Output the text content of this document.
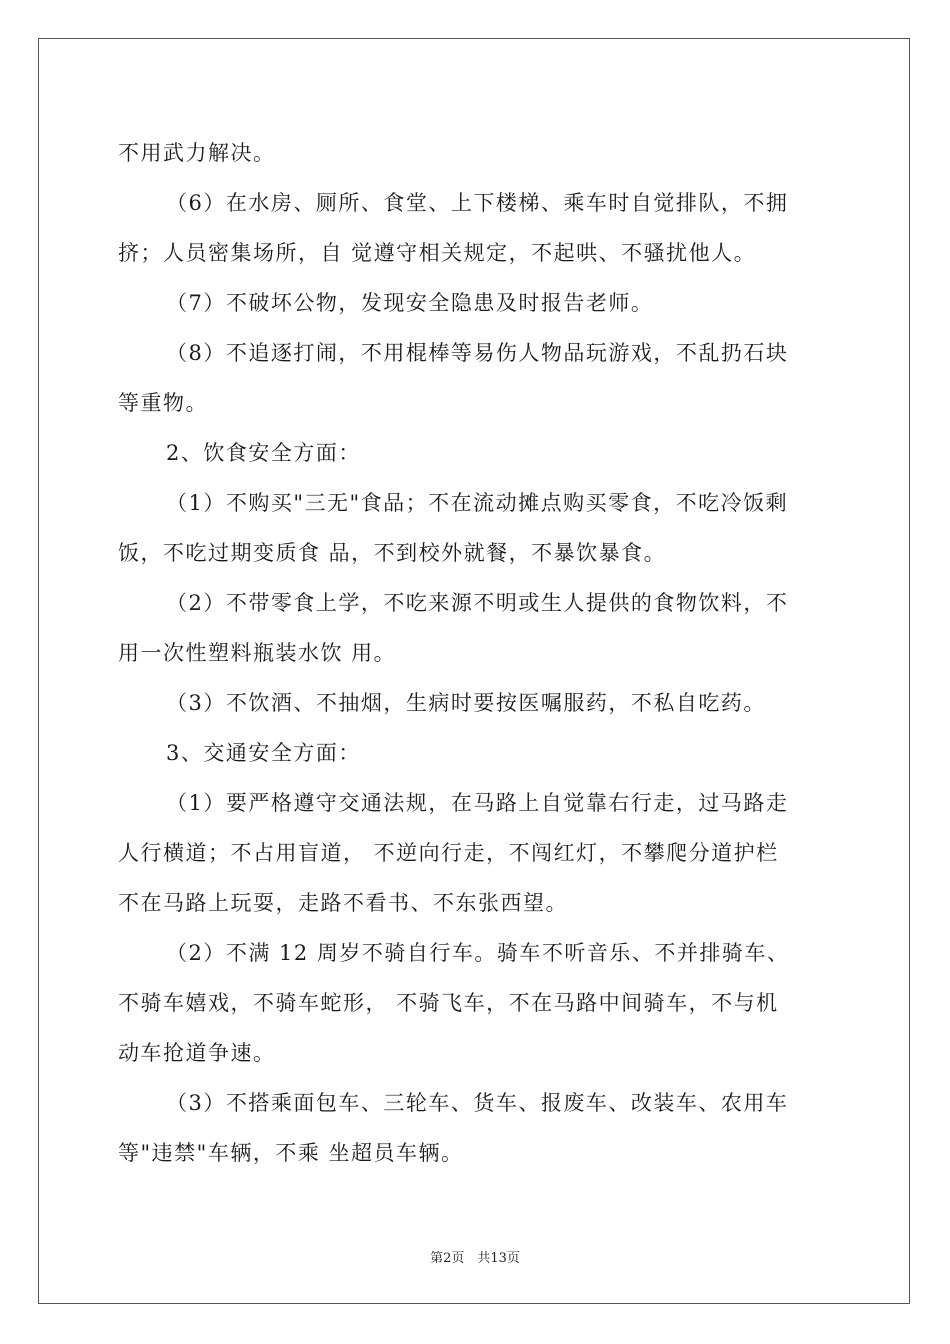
不用武力解决。
（6）在水房、厕所、食堂、上下楼梯、乘车时自觉排队，不拥
挤；人员密集场所，自 觉遵守相关规定，不起哄、不骚扰他人。
（7）不破坏公物，发现安全隐患及时报告老师。
（8）不追逐打闹，不用棍棒等易伤人物品玩游戏，不乱扔石块
等重物。
2、饮食安全方面：
（1）不购买"三无"食品；不在流动摊点购买零食，不吃冷饭剩
饭，不吃过期变质食 品，不到校外就餐，不暴饮暴食。
（2）不带零食上学，不吃来源不明或生人提供的食物饮料，不
用一次性塑料瓶装水饮 用。
（3）不饮酒、不抽烟，生病时要按医嘱服药，不私自吃药。
3、交通安全方面：
（1）要严格遵守交通法规，在马路上自觉靠右行走，过马路走
人行横道；不占用盲道， 不逆向行走，不闯红灯，不攀爬分道护栏
不在马路上玩耍，走路不看书、不东张西望。
（2）不满 12 周岁不骑自行车。骑车不听音乐、不并排骑车、
不骑车嬉戏，不骑车蛇形， 不骑飞车，不在马路中间骑车，不与机
动车抢道争速。
（3）不搭乘面包车、三轮车、货车、报废车、改装车、农用车
等"违禁"车辆，不乘 坐超员车辆。
第2页　共13页
